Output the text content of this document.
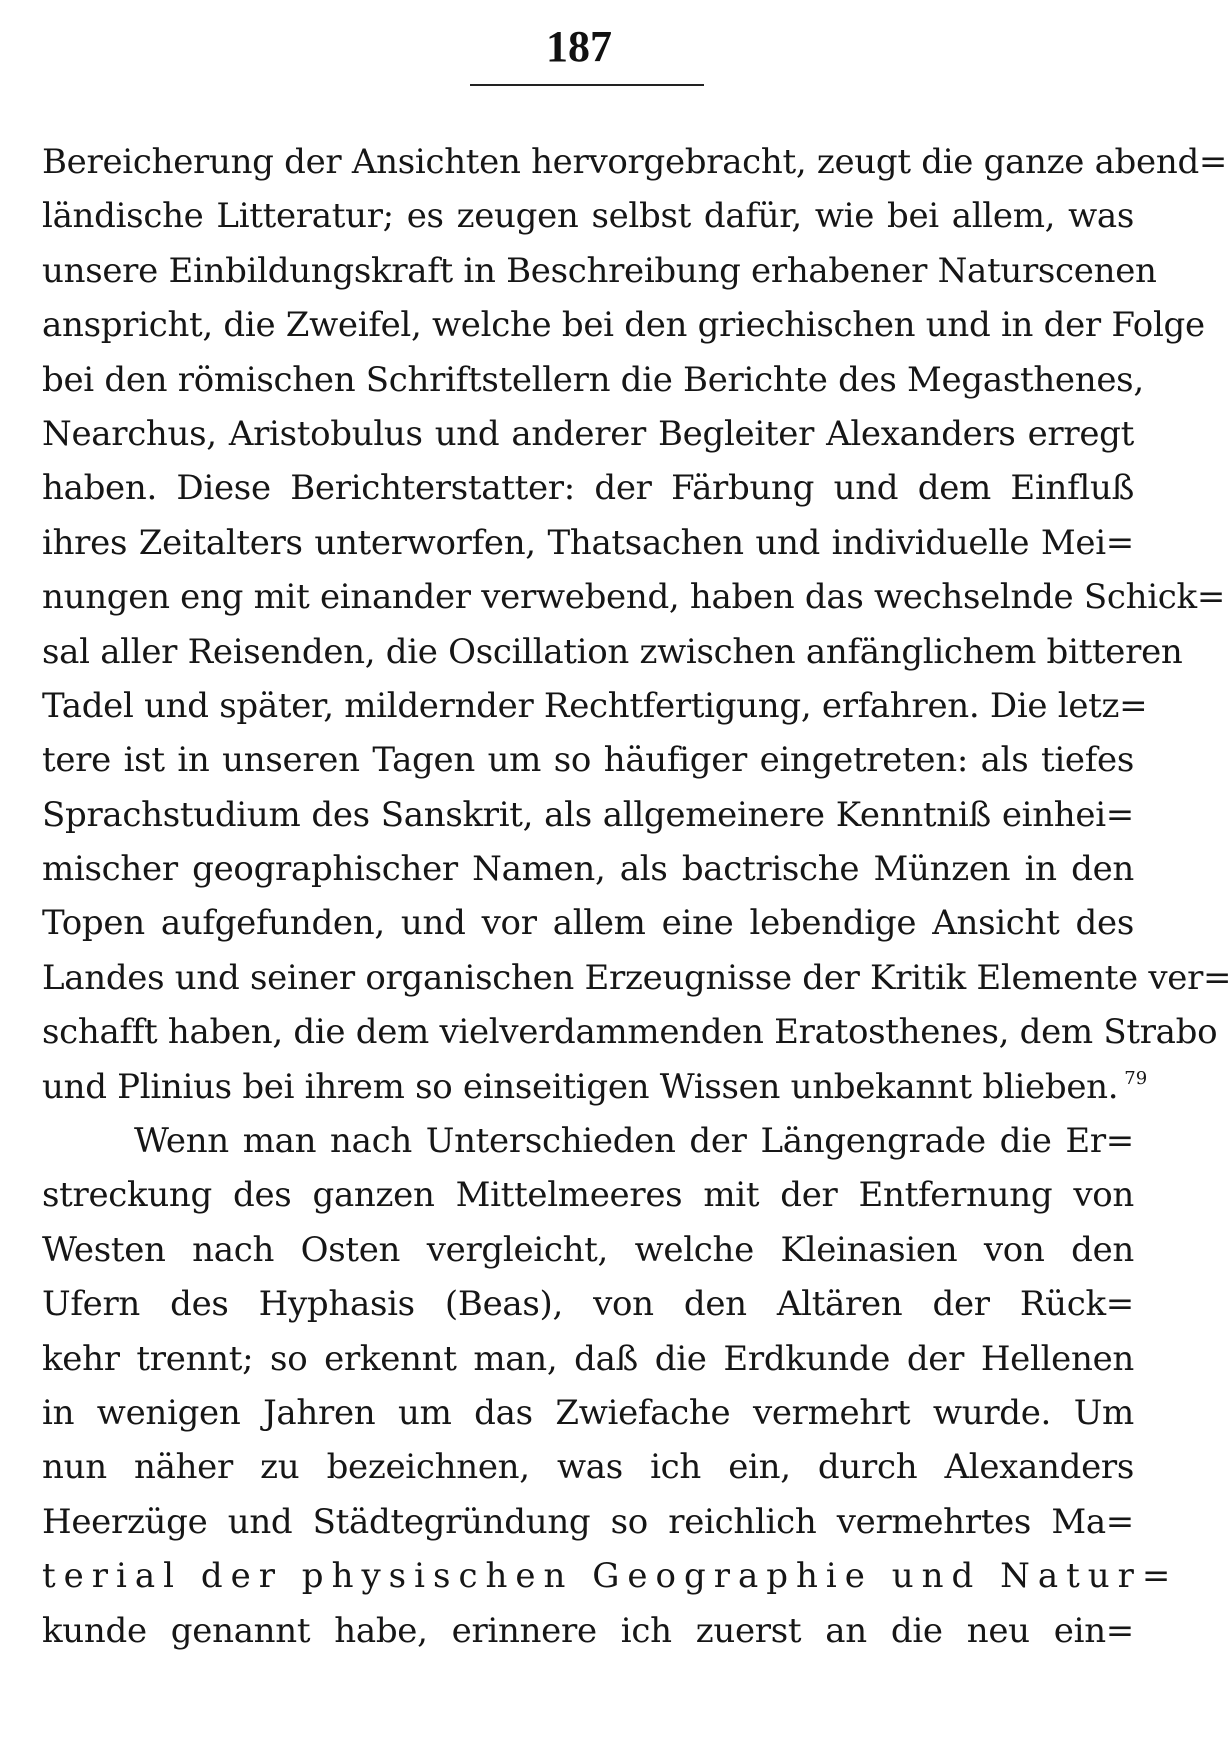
187
Bereicherung der Ansichten hervorgebracht, zeugt die ganze abend=
ländische Litteratur; es zeugen selbst dafür, wie bei allem, was
unsere Einbildungskraft in Beschreibung erhabener Naturscenen
anspricht, die Zweifel, welche bei den griechischen und in der Folge
bei den römischen Schriftstellern die Berichte des Megasthenes,
Nearchus, Aristobulus und anderer Begleiter Alexanders erregt
haben. Diese Berichterstatter: der Färbung und dem Einfluß
ihres Zeitalters unterworfen, Thatsachen und individuelle Mei=
nungen eng mit einander verwebend, haben das wechselnde Schick=
sal aller Reisenden, die Oscillation zwischen anfänglichem bitteren
Tadel und später, mildernder Rechtfertigung, erfahren. Die letz=
tere ist in unseren Tagen um so häufiger eingetreten: als tiefes
Sprachstudium des Sanskrit, als allgemeinere Kenntniß einhei=
mischer geographischer Namen, als bactrische Münzen in den
Topen aufgefunden, und vor allem eine lebendige Ansicht des
Landes und seiner organischen Erzeugnisse der Kritik Elemente ver=
schafft haben, die dem vielverdammenden Eratosthenes, dem Strabo
und Plinius bei ihrem so einseitigen Wissen unbekannt blieben. $^{79}$
Wenn man nach Unterschieden der Längengrade die Er=
streckung des ganzen Mittelmeeres mit der Entfernung von
Westen nach Osten vergleicht, welche Kleinasien von den
Ufern des Hyphasis (Beas), von den Altären der Rück=
kehr trennt; so erkennt man, daß die Erdkunde der Hellenen
in wenigen Jahren um das Zwiefache vermehrt wurde. Um
nun näher zu bezeichnen, was ich ein, durch Alexanders
Heerzüge und Städtegründung so reichlich vermehrtes Ma=
terial der physischen Geographie und Natur=
kunde genannt habe, erinnere ich zuerst an die neu ein=
